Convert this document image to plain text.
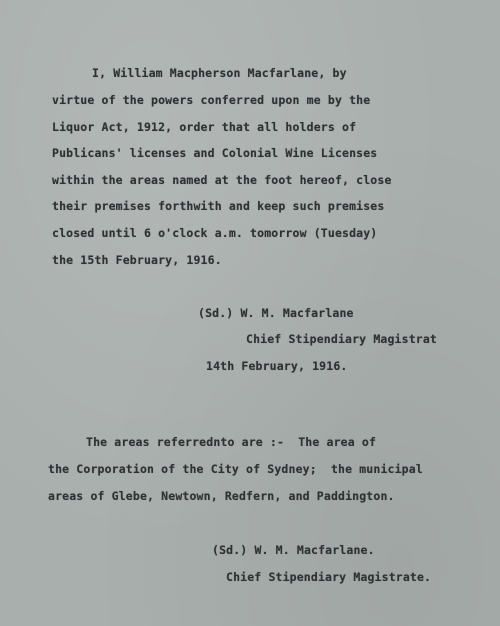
I, William Macpherson Macfarlane, by
virtue of the powers conferred upon me by the
Liquor Act, 1912, order that all holders of
Publicans' licenses and Colonial Wine Licenses
within the areas named at the foot hereof, close
their premises forthwith and keep such premises
closed until 6 o'clock a.m. tomorrow (Tuesday)
the 15th February, 1916.
(Sd.) W. M. Macfarlane
Chief Stipendiary Magistrat
14th February, 1916.
The areas referrednto are :-  The area of
the Corporation of the City of Sydney;  the municipal
areas of Glebe, Newtown, Redfern, and Paddington.
(Sd.) W. M. Macfarlane.
Chief Stipendiary Magistrate.
